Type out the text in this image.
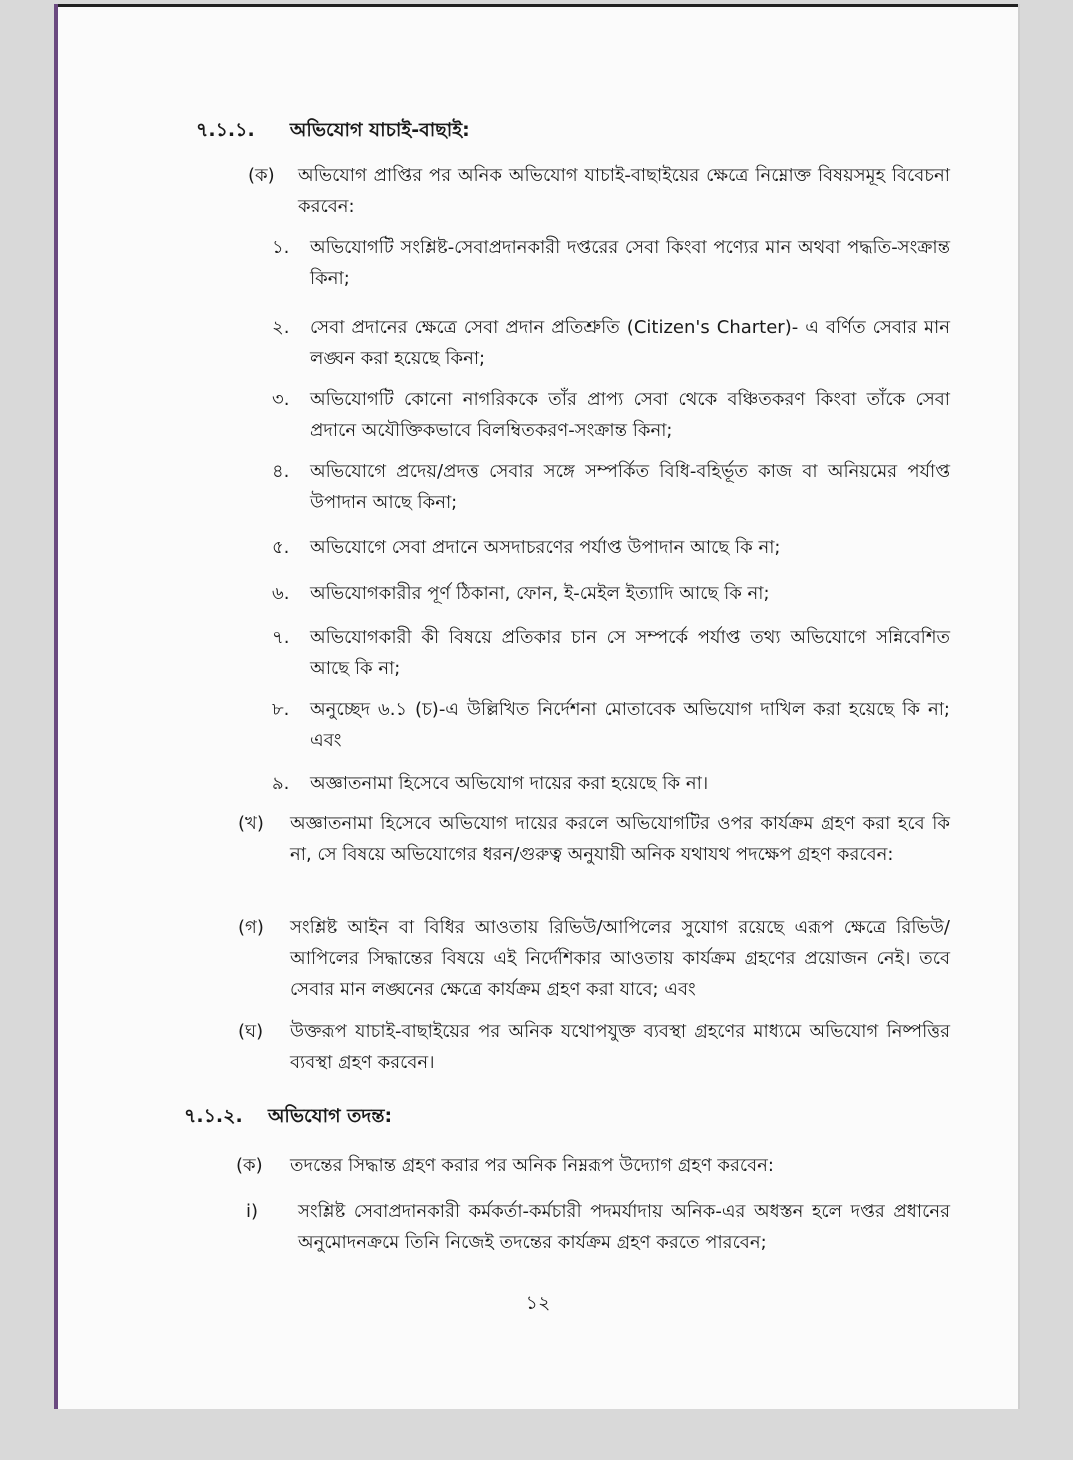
৭.১.১. অভিযোগ যাচাই-বাছাই:
(ক) অভিযোগ প্রাপ্তির পর অনিক অভিযোগ যাচাই-বাছাইয়ের ক্ষেত্রে নিম্নোক্ত বিষয়সমূহ বিবেচনা করবেন:
১. অভিযোগটি সংশ্লিষ্ট-সেবাপ্রদানকারী দপ্তরের সেবা কিংবা পণ্যের মান অথবা পদ্ধতি-সংক্রান্ত কিনা;
২. সেবা প্রদানের ক্ষেত্রে সেবা প্রদান প্রতিশ্রুতি (Citizen's Charter)- এ বর্ণিত সেবার মান লঙ্ঘন করা হয়েছে কিনা;
৩. অভিযোগটি কোনো নাগরিককে তাঁর প্রাপ্য সেবা থেকে বঞ্চিতকরণ কিংবা তাঁকে সেবা প্রদানে অযৌক্তিকভাবে বিলম্বিতকরণ-সংক্রান্ত কিনা;
৪. অভিযোগে প্রদেয়/প্রদত্ত সেবার সঙ্গে সম্পর্কিত বিধি-বহির্ভূত কাজ বা অনিয়মের পর্যাপ্ত উপাদান আছে কিনা;
৫. অভিযোগে সেবা প্রদানে অসদাচরণের পর্যাপ্ত উপাদান আছে কি না;
৬. অভিযোগকারীর পূর্ণ ঠিকানা, ফোন, ই-মেইল ইত্যাদি আছে কি না;
৭. অভিযোগকারী কী বিষয়ে প্রতিকার চান সে সম্পর্কে পর্যাপ্ত তথ্য অভিযোগে সন্নিবেশিত আছে কি না;
৮. অনুচ্ছেদ ৬.১ (চ)-এ উল্লিখিত নির্দেশনা মোতাবেক অভিযোগ দাখিল করা হয়েছে কি না; এবং
৯. অজ্ঞাতনামা হিসেবে অভিযোগ দায়ের করা হয়েছে কি না।
(খ) অজ্ঞাতনামা হিসেবে অভিযোগ দায়ের করলে অভিযোগটির ওপর কার্যক্রম গ্রহণ করা হবে কি না, সে বিষয়ে অভিযোগের ধরন/গুরুত্ব অনুযায়ী অনিক যথাযথ পদক্ষেপ গ্রহণ করবেন:
(গ) সংশ্লিষ্ট আইন বা বিধির আওতায় রিভিউ/আপিলের সুযোগ রয়েছে এরূপ ক্ষেত্রে রিভিউ/আপিলের সিদ্ধান্তের বিষয়ে এই নির্দেশিকার আওতায় কার্যক্রম গ্রহণের প্রয়োজন নেই। তবে সেবার মান লঙ্ঘনের ক্ষেত্রে কার্যক্রম গ্রহণ করা যাবে; এবং
(ঘ) উক্তরূপ যাচাই-বাছাইয়ের পর অনিক যথোপযুক্ত ব্যবস্থা গ্রহণের মাধ্যমে অভিযোগ নিষ্পত্তির ব্যবস্থা গ্রহণ করবেন।
৭.১.২. অভিযোগ তদন্ত:
(ক) তদন্তের সিদ্ধান্ত গ্রহণ করার পর অনিক নিম্নরূপ উদ্যোগ গ্রহণ করবেন:
i) সংশ্লিষ্ট সেবাপ্রদানকারী কর্মকর্তা-কর্মচারী পদমর্যাদায় অনিক-এর অধস্তন হলে দপ্তর প্রধানের অনুমোদনক্রমে তিনি নিজেই তদন্তের কার্যক্রম গ্রহণ করতে পারবেন;
১২
